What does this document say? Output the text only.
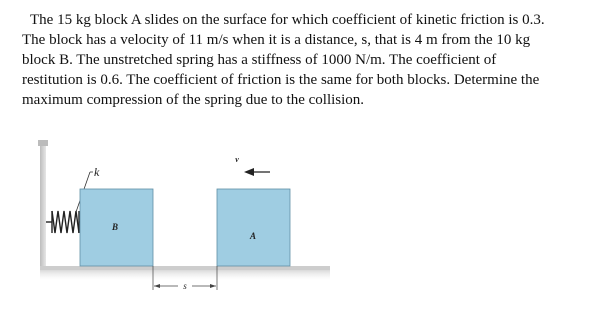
The 15 kg block A slides on the surface for which coefficient of kinetic friction is 0.3.
The block has a velocity of 11 m/s when it is a distance, s, that is 4 m from the 10 kg
block B. The unstretched spring has a stiffness of 1000 N/m. The coefficient of
restitution is 0.6. The coefficient of friction is the same for both blocks. Determine the
maximum compression of the spring due to the collision.

k
B
A
v
s
